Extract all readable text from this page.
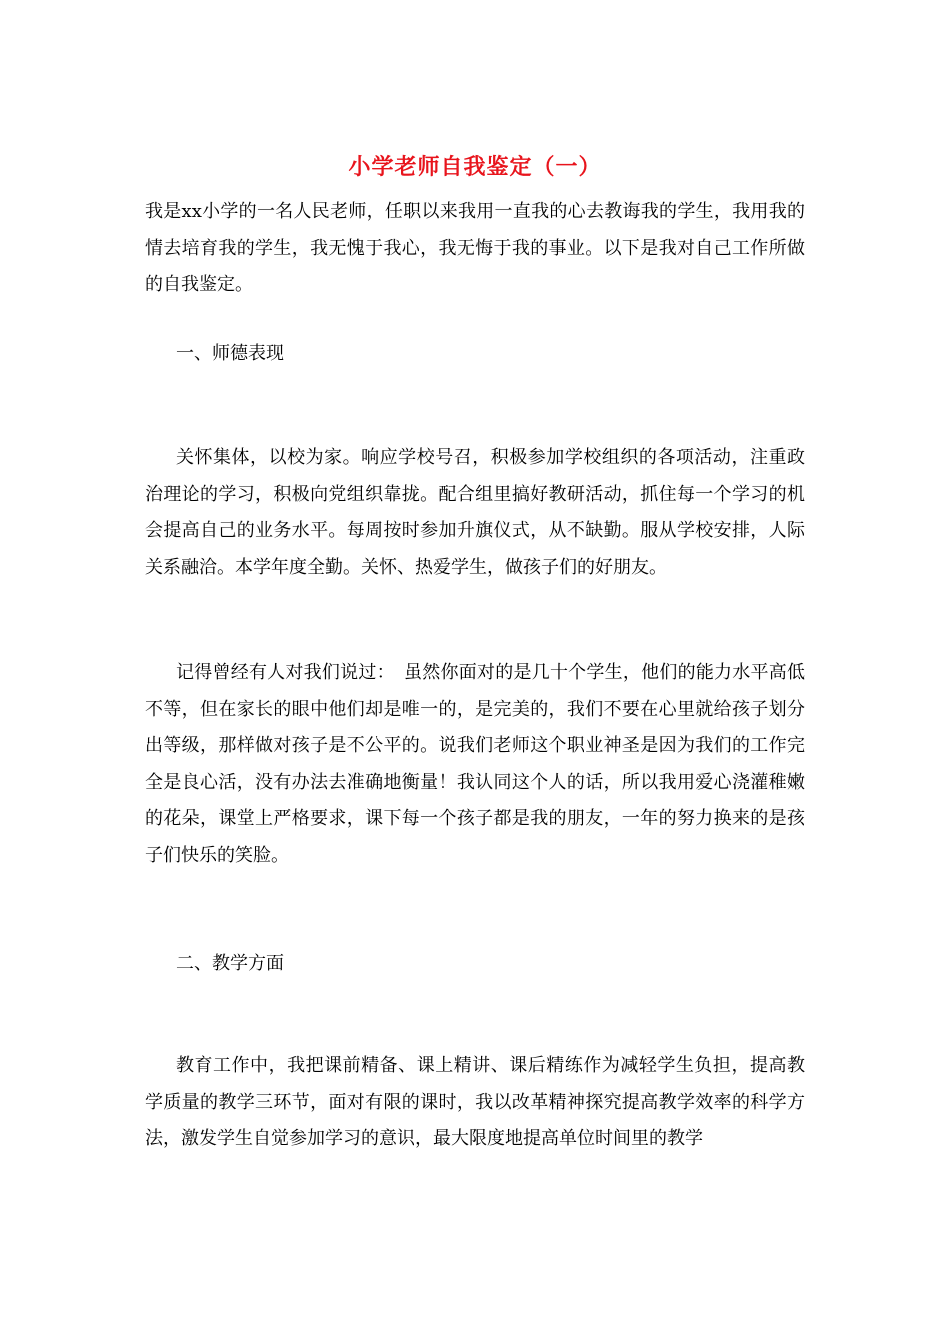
小学老师自我鉴定（一）

我是xx小学的一名人民老师，任职以来我用一直我的心去教诲我的学生，我用我的情去培育我的学生，我无愧于我心，我无悔于我的事业。以下是我对自己工作所做的自我鉴定。

一、师德表现

关怀集体，以校为家。响应学校号召，积极参加学校组织的各项活动，注重政治理论的学习，积极向党组织靠拢。配合组里搞好教研活动，抓住每一个学习的机会提高自己的业务水平。每周按时参加升旗仪式，从不缺勤。服从学校安排，人际关系融洽。本学年度全勤。关怀、热爱学生，做孩子们的好朋友。

记得曾经有人对我们说过：　虽然你面对的是几十个学生，他们的能力水平高低不等，但在家长的眼中他们却是唯一的，是完美的，我们不要在心里就给孩子划分出等级，那样做对孩子是不公平的。说我们老师这个职业神圣是因为我们的工作完全是良心活，没有办法去准确地衡量！我认同这个人的话，所以我用爱心浇灌稚嫩的花朵，课堂上严格要求，课下每一个孩子都是我的朋友，一年的努力换来的是孩子们快乐的笑脸。

二、教学方面

教育工作中，我把课前精备、课上精讲、课后精练作为减轻学生负担，提高教学质量的教学三环节，面对有限的课时，我以改革精神探究提高教学效率的科学方法，激发学生自觉参加学习的意识，最大限度地提高单位时间里的教学
